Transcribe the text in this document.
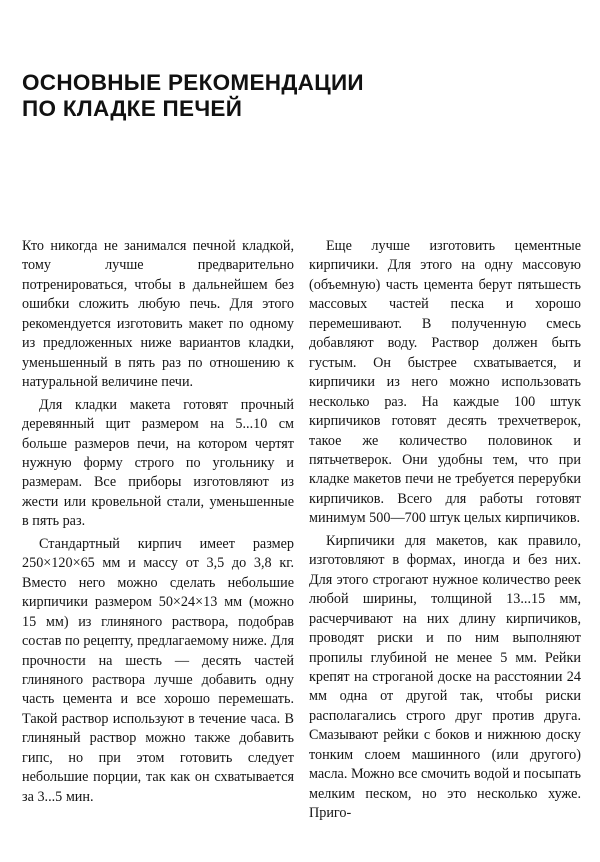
ОСНОВНЫЕ РЕКОМЕНДАЦИИ
ПО КЛАДКЕ ПЕЧЕЙ

Кто никогда не занимался печной кладкой, тому лучше предварительно потренироваться, чтобы в дальнейшем без ошибки сложить любую печь. Для этого рекомендуется изготовить макет по одному из предложенных ниже вариантов кладки, уменьшенный в пять раз по отношению к натуральной величине печи.

Для кладки макета готовят прочный деревянный щит размером на 5...10 см больше размеров печи, на котором чертят нужную форму строго по угольнику и размерам. Все приборы изготовляют из жести или кровельной стали, уменьшенные в пять раз.

Стандартный кирпич имеет размер 250×120×65 мм и массу от 3,5 до 3,8 кг. Вместо него можно сделать небольшие кирпичики размером 50×24×13 мм (можно 15 мм) из глиняного раствора, подобрав состав по рецепту, предлагаемому ниже. Для прочности на шесть — десять частей глиняного раствора лучше добавить одну часть цемента и все хорошо перемешать. Такой раствор используют в течение часа. В глиняный раствор можно также добавить гипс, но при этом готовить следует небольшие порции, так как он схватывается за 3...5 мин.

Еще лучше изготовить цементные кирпичики. Для этого на одну массовую (объемную) часть цемента берут пятьшесть массовых частей песка и хорошо перемешивают. В полученную смесь добавляют воду. Раствор должен быть густым. Он быстрее схватывается, и кирпичики из него можно использовать несколько раз. На каждые 100 штук кирпичиков готовят десять трехчетверок, такое же количество половинок и пятьчетверок. Они удобны тем, что при кладке макетов печи не требуется перерубки кирпичиков. Всего для работы готовят минимум 500—700 штук целых кирпичиков.

Кирпичики для макетов, как правило, изготовляют в формах, иногда и без них. Для этого строгают нужное количество реек любой ширины, толщиной 13...15 мм, расчерчивают на них длину кирпичиков, проводят риски и по ним выполняют пропилы глубиной не менее 5 мм. Рейки крепят на строганой доске на расстоянии 24 мм одна от другой так, чтобы риски располагались строго друг против друга. Смазывают рейки с боков и нижнюю доску тонким слоем машинного (или другого) масла. Можно все смочить водой и посыпать мелким песком, но это несколько хуже. Приго-
